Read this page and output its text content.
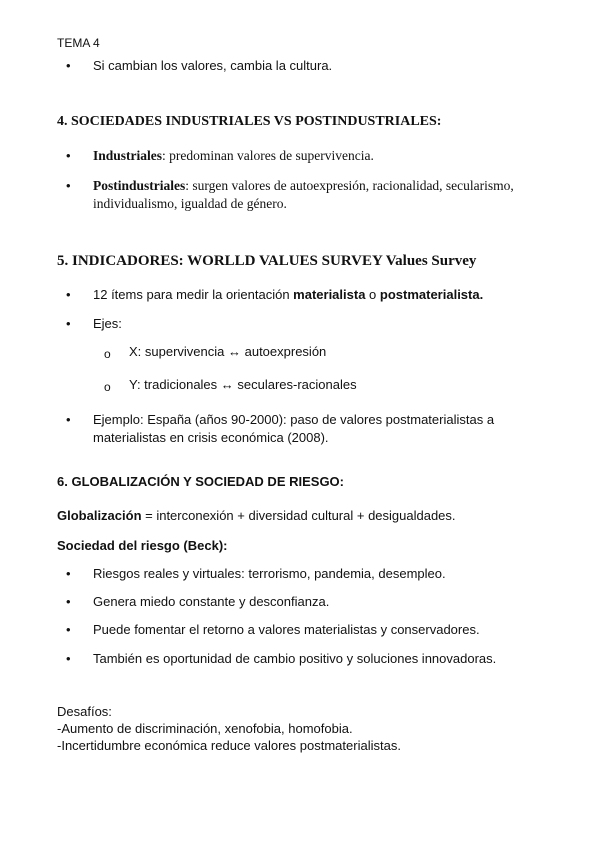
TEMA 4
• Si cambian los valores, cambia la cultura.
4. SOCIEDADES INDUSTRIALES VS POSTINDUSTRIALES:
• Industriales: predominan valores de supervivencia.
• Postindustriales: surgen valores de autoexpresión, racionalidad, secularismo,
individualismo, igualdad de género.
5. INDICADORES: WORLLD VALUES SURVEY Values Survey
• 12 ítems para medir la orientación materialista o postmaterialista.
• Ejes:
o X: supervivencia ↔ autoexpresión
o Y: tradicionales ↔ seculares-racionales
• Ejemplo: España (años 90-2000): paso de valores postmaterialistas a
materialistas en crisis económica (2008).
6. GLOBALIZACIÓN Y SOCIEDAD DE RIESGO:
Globalización = interconexión + diversidad cultural + desigualdades.
Sociedad del riesgo (Beck):
• Riesgos reales y virtuales: terrorismo, pandemia, desempleo.
• Genera miedo constante y desconfianza.
• Puede fomentar el retorno a valores materialistas y conservadores.
• También es oportunidad de cambio positivo y soluciones innovadoras.
Desafíos:
-Aumento de discriminación, xenofobia, homofobia.
-Incertidumbre económica reduce valores postmaterialistas.
